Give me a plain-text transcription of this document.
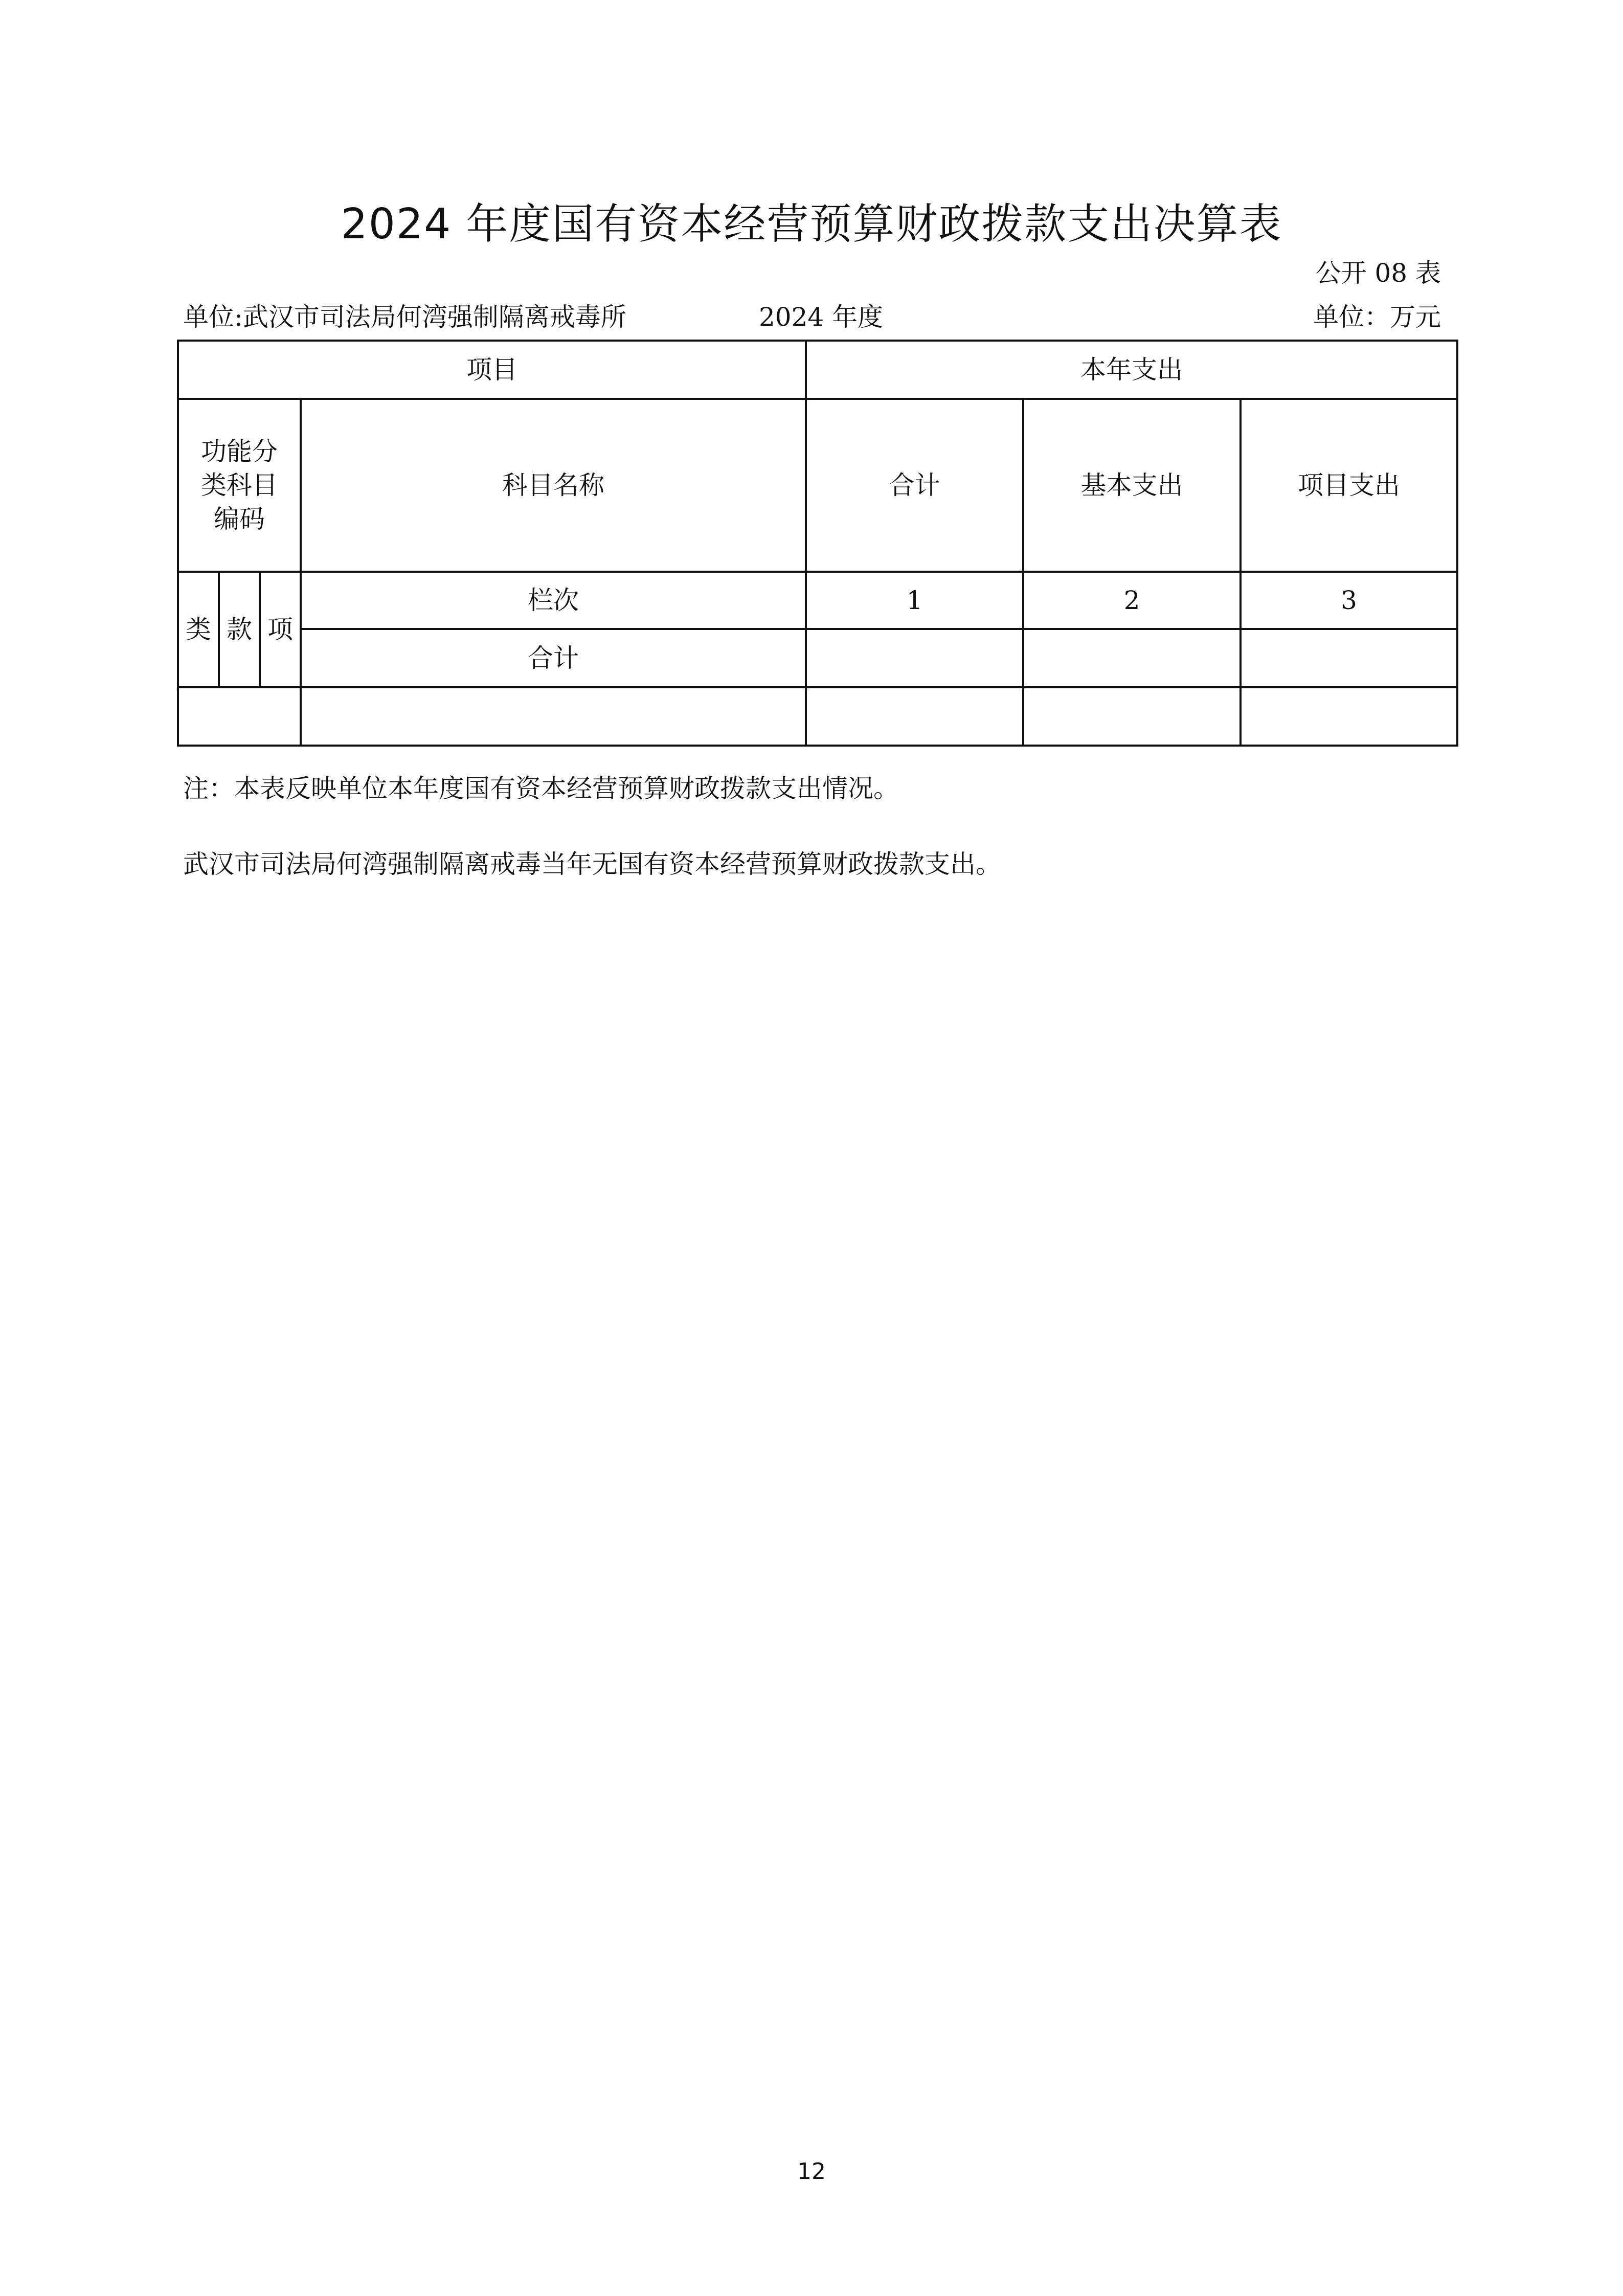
2024 年度国有资本经营预算财政拨款支出决算表
公开 08 表
单位:武汉市司法局何湾强制隔离戒毒所	2024 年度	单位：万元
项目				本年支出		

功能分
类科目
编码			科目名称	合计	基本支出	项目支出
类	款	项	栏次	1	2	3
			合计			

注：本表反映单位本年度国有资本经营预算财政拨款支出情况。
武汉市司法局何湾强制隔离戒毒当年无国有资本经营预算财政拨款支出。
12
